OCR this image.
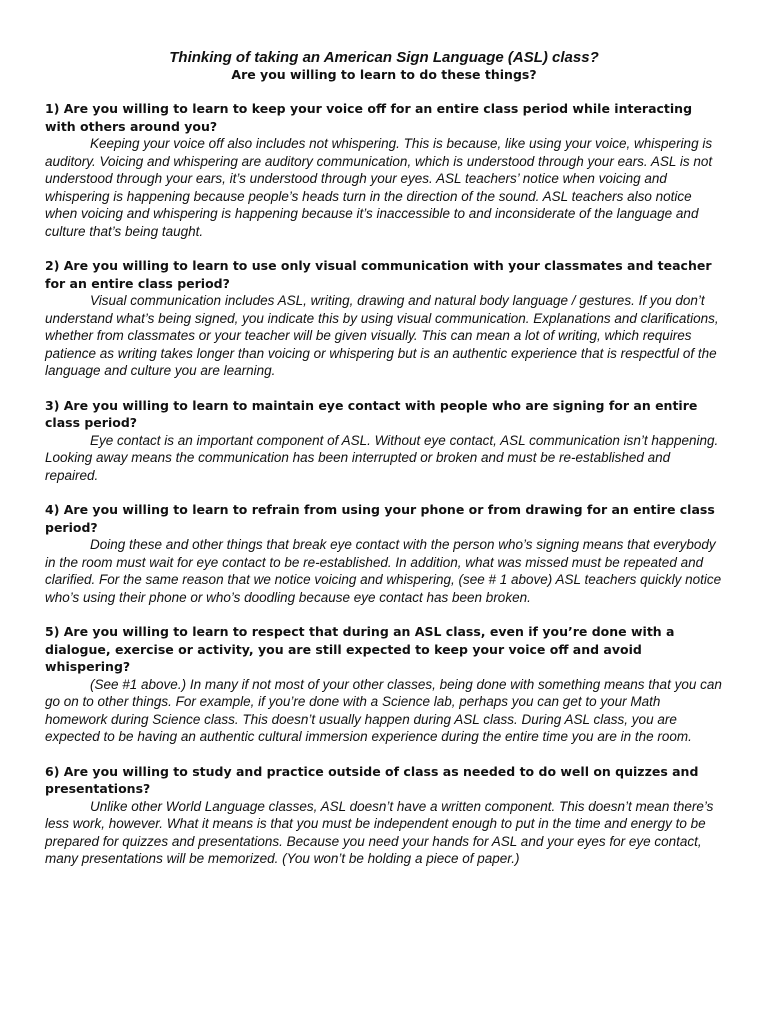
Thinking of taking an American Sign Language (ASL) class?

Are you willing to learn to do these things?

1) Are you willing to learn to keep your voice off for an entire class period while interacting with others around you?

Keeping your voice off also includes not whispering. This is because, like using your voice, whispering is auditory. Voicing and whispering are auditory communication, which is understood through your ears. ASL is not understood through your ears, it’s understood through your eyes. ASL teachers’ notice when voicing and whispering is happening because people’s heads turn in the direction of the sound. ASL teachers also notice when voicing and whispering is happening because it’s inaccessible to and inconsiderate of the language and culture that’s being taught.

2) Are you willing to learn to use only visual communication with your classmates and teacher for an entire class period?

Visual communication includes ASL, writing, drawing and natural body language / gestures. If you don’t understand what’s being signed, you indicate this by using visual communication. Explanations and clarifications, whether from classmates or your teacher will be given visually. This can mean a lot of writing, which requires patience as writing takes longer than voicing or whispering but is an authentic experience that is respectful of the language and culture you are learning.

3) Are you willing to learn to maintain eye contact with people who are signing for an entire class period?

Eye contact is an important component of ASL. Without eye contact, ASL communication isn’t happening. Looking away means the communication has been interrupted or broken and must be re-established and repaired.

4) Are you willing to learn to refrain from using your phone or from drawing for an entire class period?

Doing these and other things that break eye contact with the person who’s signing means that everybody in the room must wait for eye contact to be re-established. In addition, what was missed must be repeated and clarified. For the same reason that we notice voicing and whispering, (see # 1 above) ASL teachers quickly notice who’s using their phone or who’s doodling because eye contact has been broken.

5) Are you willing to learn to respect that during an ASL class, even if you’re done with a dialogue, exercise or activity, you are still expected to keep your voice off and avoid whispering?

(See #1 above.) In many if not most of your other classes, being done with something means that you can go on to other things. For example, if you’re done with a Science lab, perhaps you can get to your Math homework during Science class. This doesn’t usually happen during ASL class. During ASL class, you are expected to be having an authentic cultural immersion experience during the entire time you are in the room.

6) Are you willing to study and practice outside of class as needed to do well on quizzes and presentations?

Unlike other World Language classes, ASL doesn’t have a written component. This doesn’t mean there’s less work, however. What it means is that you must be independent enough to put in the time and energy to be prepared for quizzes and presentations. Because you need your hands for ASL and your eyes for eye contact, many presentations will be memorized. (You won’t be holding a piece of paper.)
